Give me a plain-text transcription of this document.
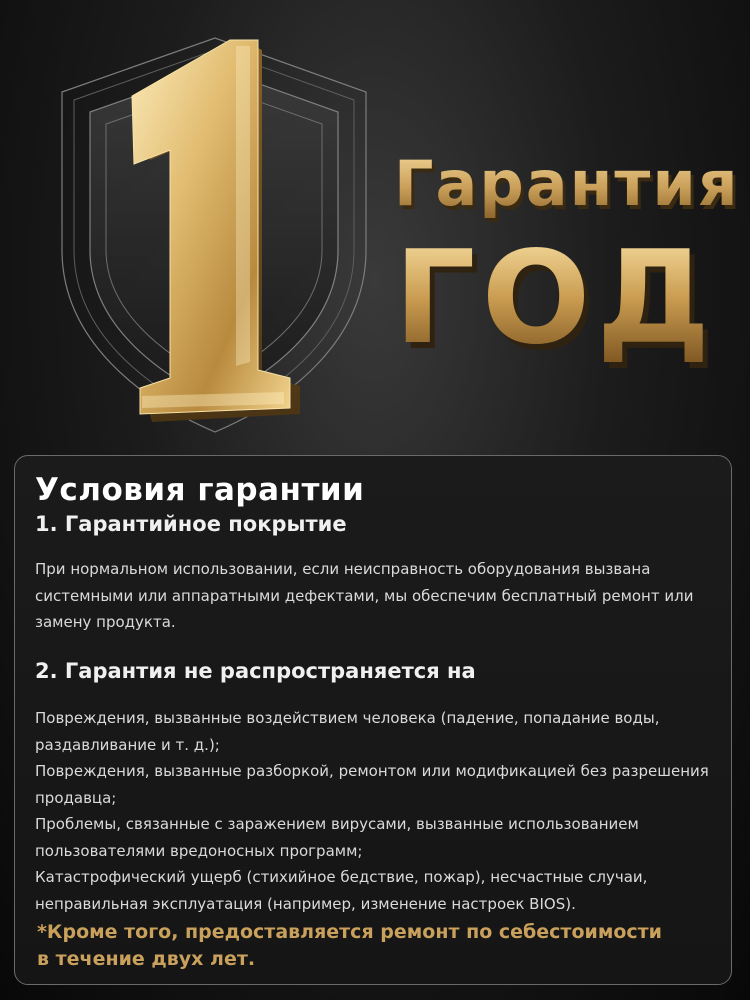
Гарантия
ГОД
Условия гарантии
1. Гарантийное покрытие
При нормальном использовании, если неисправность оборудования вызвана
системными или аппаратными дефектами, мы обеспечим бесплатный ремонт или
замену продукта.
2. Гарантия не распространяется на
Повреждения, вызванные воздействием человека (падение, попадание воды,
раздавливание и т. д.);
Повреждения, вызванные разборкой, ремонтом или модификацией без разрешения
продавца;
Проблемы, связанные с заражением вирусами, вызванные использованием
пользователями вредоносных программ;
Катастрофический ущерб (стихийное бедствие, пожар), несчастные случаи,
неправильная эксплуатация (например, изменение настроек BIOS).
*Кроме того, предоставляется ремонт по себестоимости
в течение двух лет.
